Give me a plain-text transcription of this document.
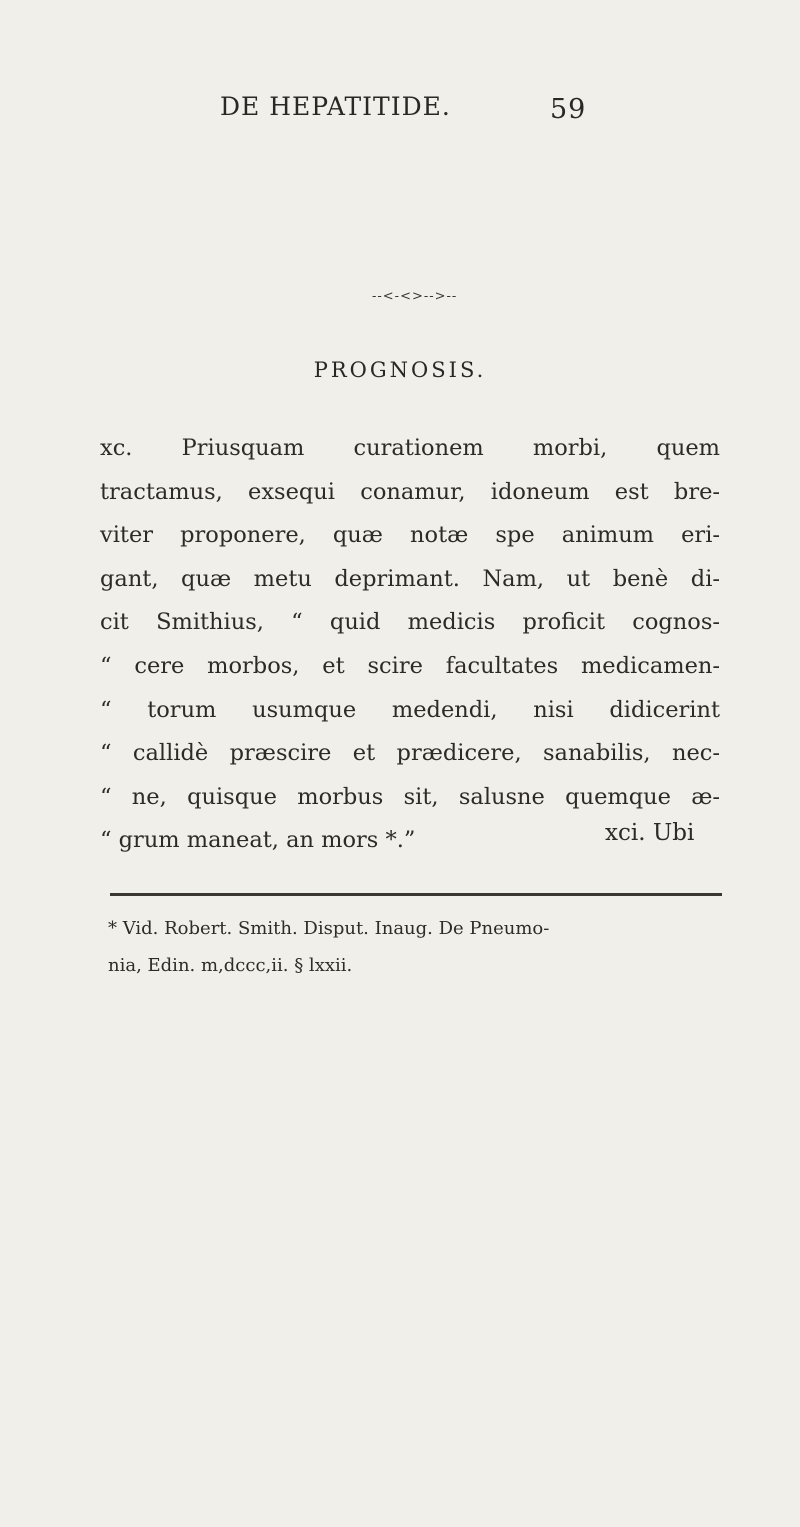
DE HEPATITIDE.	59
--<-<>-->--
PROGNOSIS.
xc. Priusquam curationem morbi, quem
tractamus, exsequi conamur, idoneum est bre-
viter proponere, quæ notæ spe animum eri-
gant, quæ metu deprimant. Nam, ut benè di-
cit Smithius, “ quid medicis proficit cognos-
“ cere morbos, et scire facultates medicamen-
“ torum usumque medendi, nisi didicerint
“ callidè præscire et prædicere, sanabilis, nec-
“ ne, quisque morbus sit, salusne quemque æ-
“ grum maneat, an mors *.”	xci. Ubi
* Vid. Robert. Smith. Disput. Inaug. De Pneumo-
nia, Edin. m,dccc,ii. § lxxii.
